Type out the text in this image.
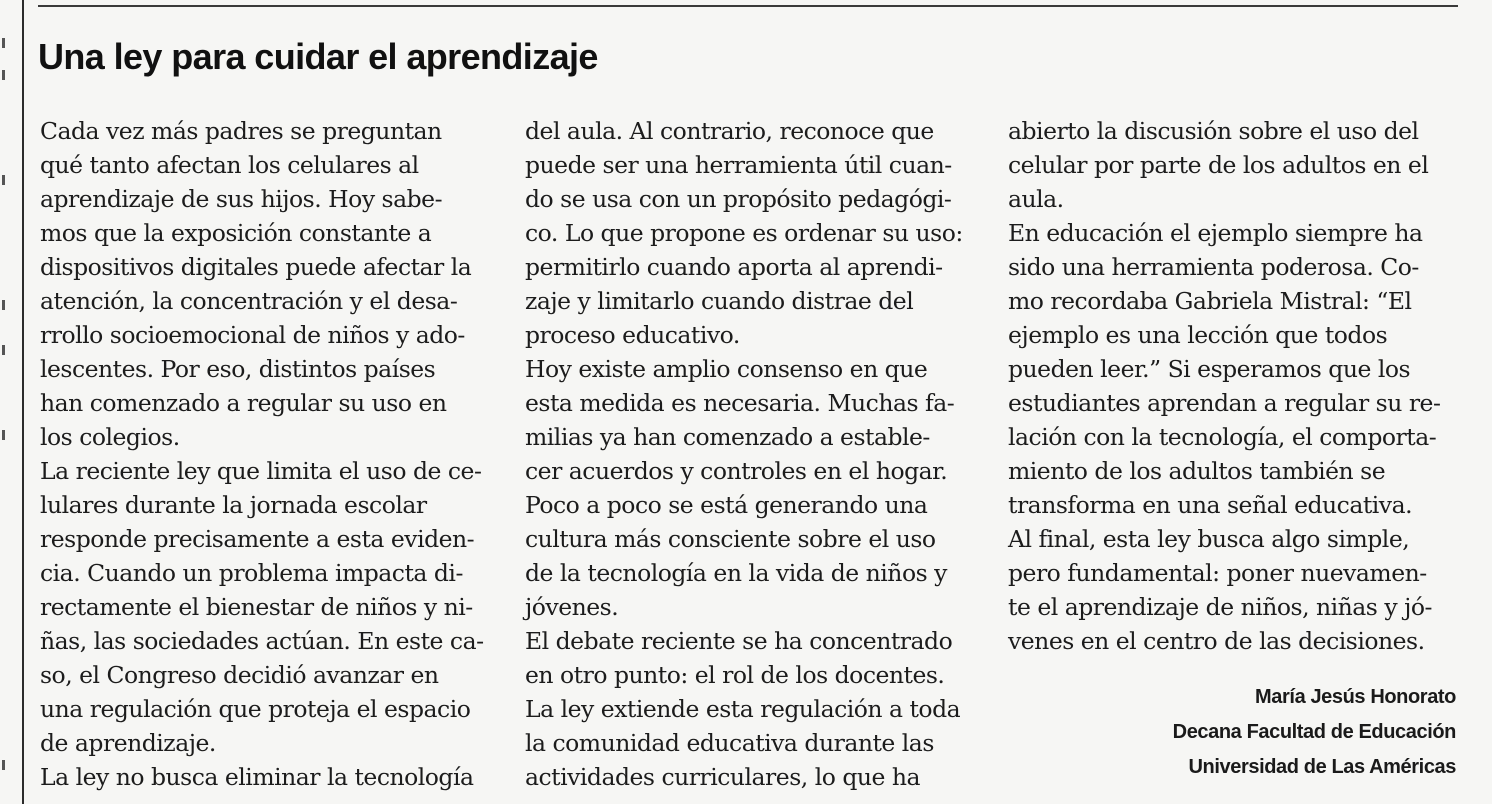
Una ley para cuidar el aprendizaje
Cada vez más padres se preguntan
qué tanto afectan los celulares al
aprendizaje de sus hijos. Hoy sabe-
mos que la exposición constante a
dispositivos digitales puede afectar la
atención, la concentración y el desa-
rrollo socioemocional de niños y ado-
lescentes. Por eso, distintos países
han comenzado a regular su uso en
los colegios.
La reciente ley que limita el uso de ce-
lulares durante la jornada escolar
responde precisamente a esta eviden-
cia. Cuando un problema impacta di-
rectamente el bienestar de niños y ni-
ñas, las sociedades actúan. En este ca-
so, el Congreso decidió avanzar en
una regulación que proteja el espacio
de aprendizaje.
La ley no busca eliminar la tecnología
del aula. Al contrario, reconoce que
puede ser una herramienta útil cuan-
do se usa con un propósito pedagógi-
co. Lo que propone es ordenar su uso:
permitirlo cuando aporta al aprendi-
zaje y limitarlo cuando distrae del
proceso educativo.
Hoy existe amplio consenso en que
esta medida es necesaria. Muchas fa-
milias ya han comenzado a estable-
cer acuerdos y controles en el hogar.
Poco a poco se está generando una
cultura más consciente sobre el uso
de la tecnología en la vida de niños y
jóvenes.
El debate reciente se ha concentrado
en otro punto: el rol de los docentes.
La ley extiende esta regulación a toda
la comunidad educativa durante las
actividades curriculares, lo que ha
abierto la discusión sobre el uso del
celular por parte de los adultos en el
aula.
En educación el ejemplo siempre ha
sido una herramienta poderosa. Co-
mo recordaba Gabriela Mistral: “El
ejemplo es una lección que todos
pueden leer.” Si esperamos que los
estudiantes aprendan a regular su re-
lación con la tecnología, el comporta-
miento de los adultos también se
transforma en una señal educativa.
Al final, esta ley busca algo simple,
pero fundamental: poner nuevamen-
te el aprendizaje de niños, niñas y jó-
venes en el centro de las decisiones.
María Jesús Honorato
Decana Facultad de Educación
Universidad de Las Américas
